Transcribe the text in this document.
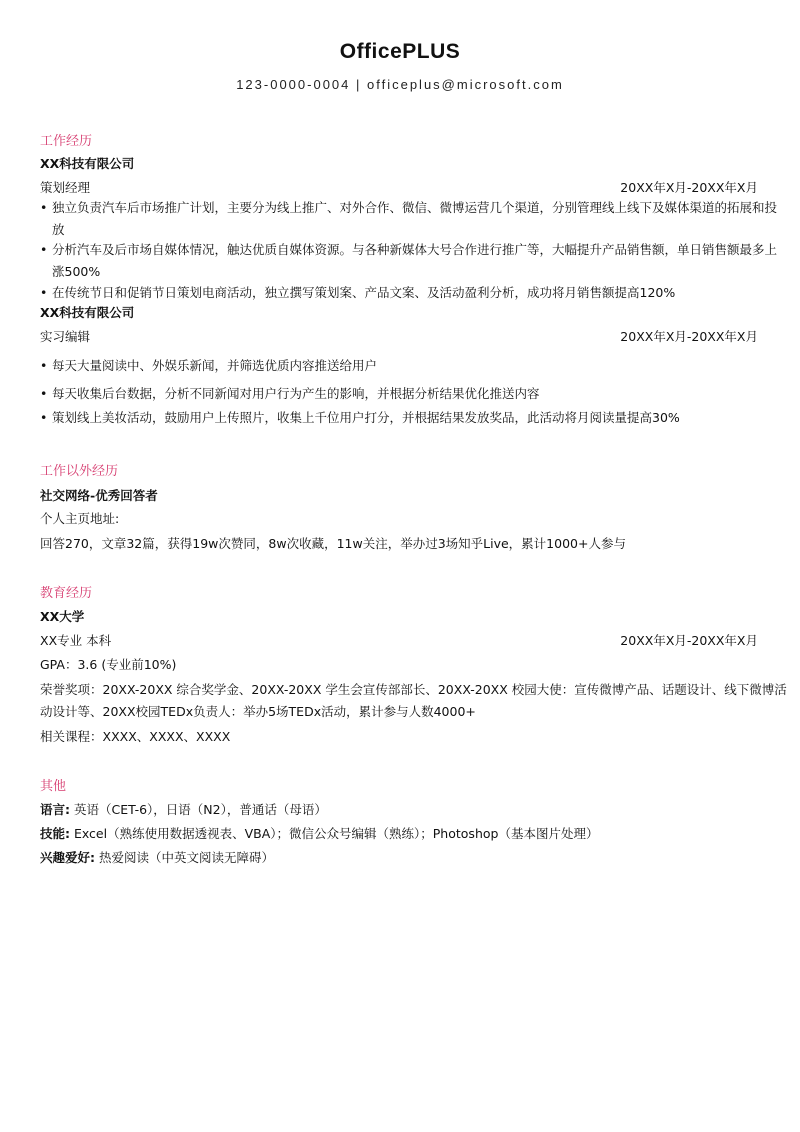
OfficePLUS
123-0000-0004 | officeplus@microsoft.com
工作经历
XX科技有限公司
策划经理	20XX年X月-20XX年X月
• 独立负责汽车后市场推广计划，主要分为线上推广、对外合作、微信、微博运营几个渠道，分别管理线上线下及媒体渠道的拓展和投
放
• 分析汽车及后市场自媒体情况，触达优质自媒体资源。与各种新媒体大号合作进行推广等，大幅提升产品销售额，单日销售额最多上
涨500%
• 在传统节日和促销节日策划电商活动，独立撰写策划案、产品文案、及活动盈利分析，成功将月销售额提高120%
XX科技有限公司
实习编辑	20XX年X月-20XX年X月
• 每天大量阅读中、外娱乐新闻，并筛选优质内容推送给用户
• 每天收集后台数据，分析不同新闻对用户行为产生的影响，并根据分析结果优化推送内容
• 策划线上美妆活动，鼓励用户上传照片，收集上千位用户打分，并根据结果发放奖品，此活动将月阅读量提高30%
工作以外经历
社交网络-优秀回答者
个人主页地址:
回答270，文章32篇，获得19w次赞同，8w次收藏，11w关注，举办过3场知乎Live，累计1000+人参与
教育经历
XX大学
XX专业 本科	20XX年X月-20XX年X月
GPA：3.6 (专业前10%)
荣誉奖项：20XX-20XX 综合奖学金、20XX-20XX 学生会宣传部部长、20XX-20XX 校园大使：宣传微博产品、话题设计、线下微博活
动设计等、20XX校园TEDx负责人：举办5场TEDx活动，累计参与人数4000+
相关课程：XXXX、XXXX、XXXX
其他
语言: 英语（CET-6），日语（N2），普通话（母语）
技能: Excel（熟练使用数据透视表、VBA）；微信公众号编辑（熟练）；Photoshop（基本图片处理）
兴趣爱好: 热爱阅读（中英文阅读无障碍）
